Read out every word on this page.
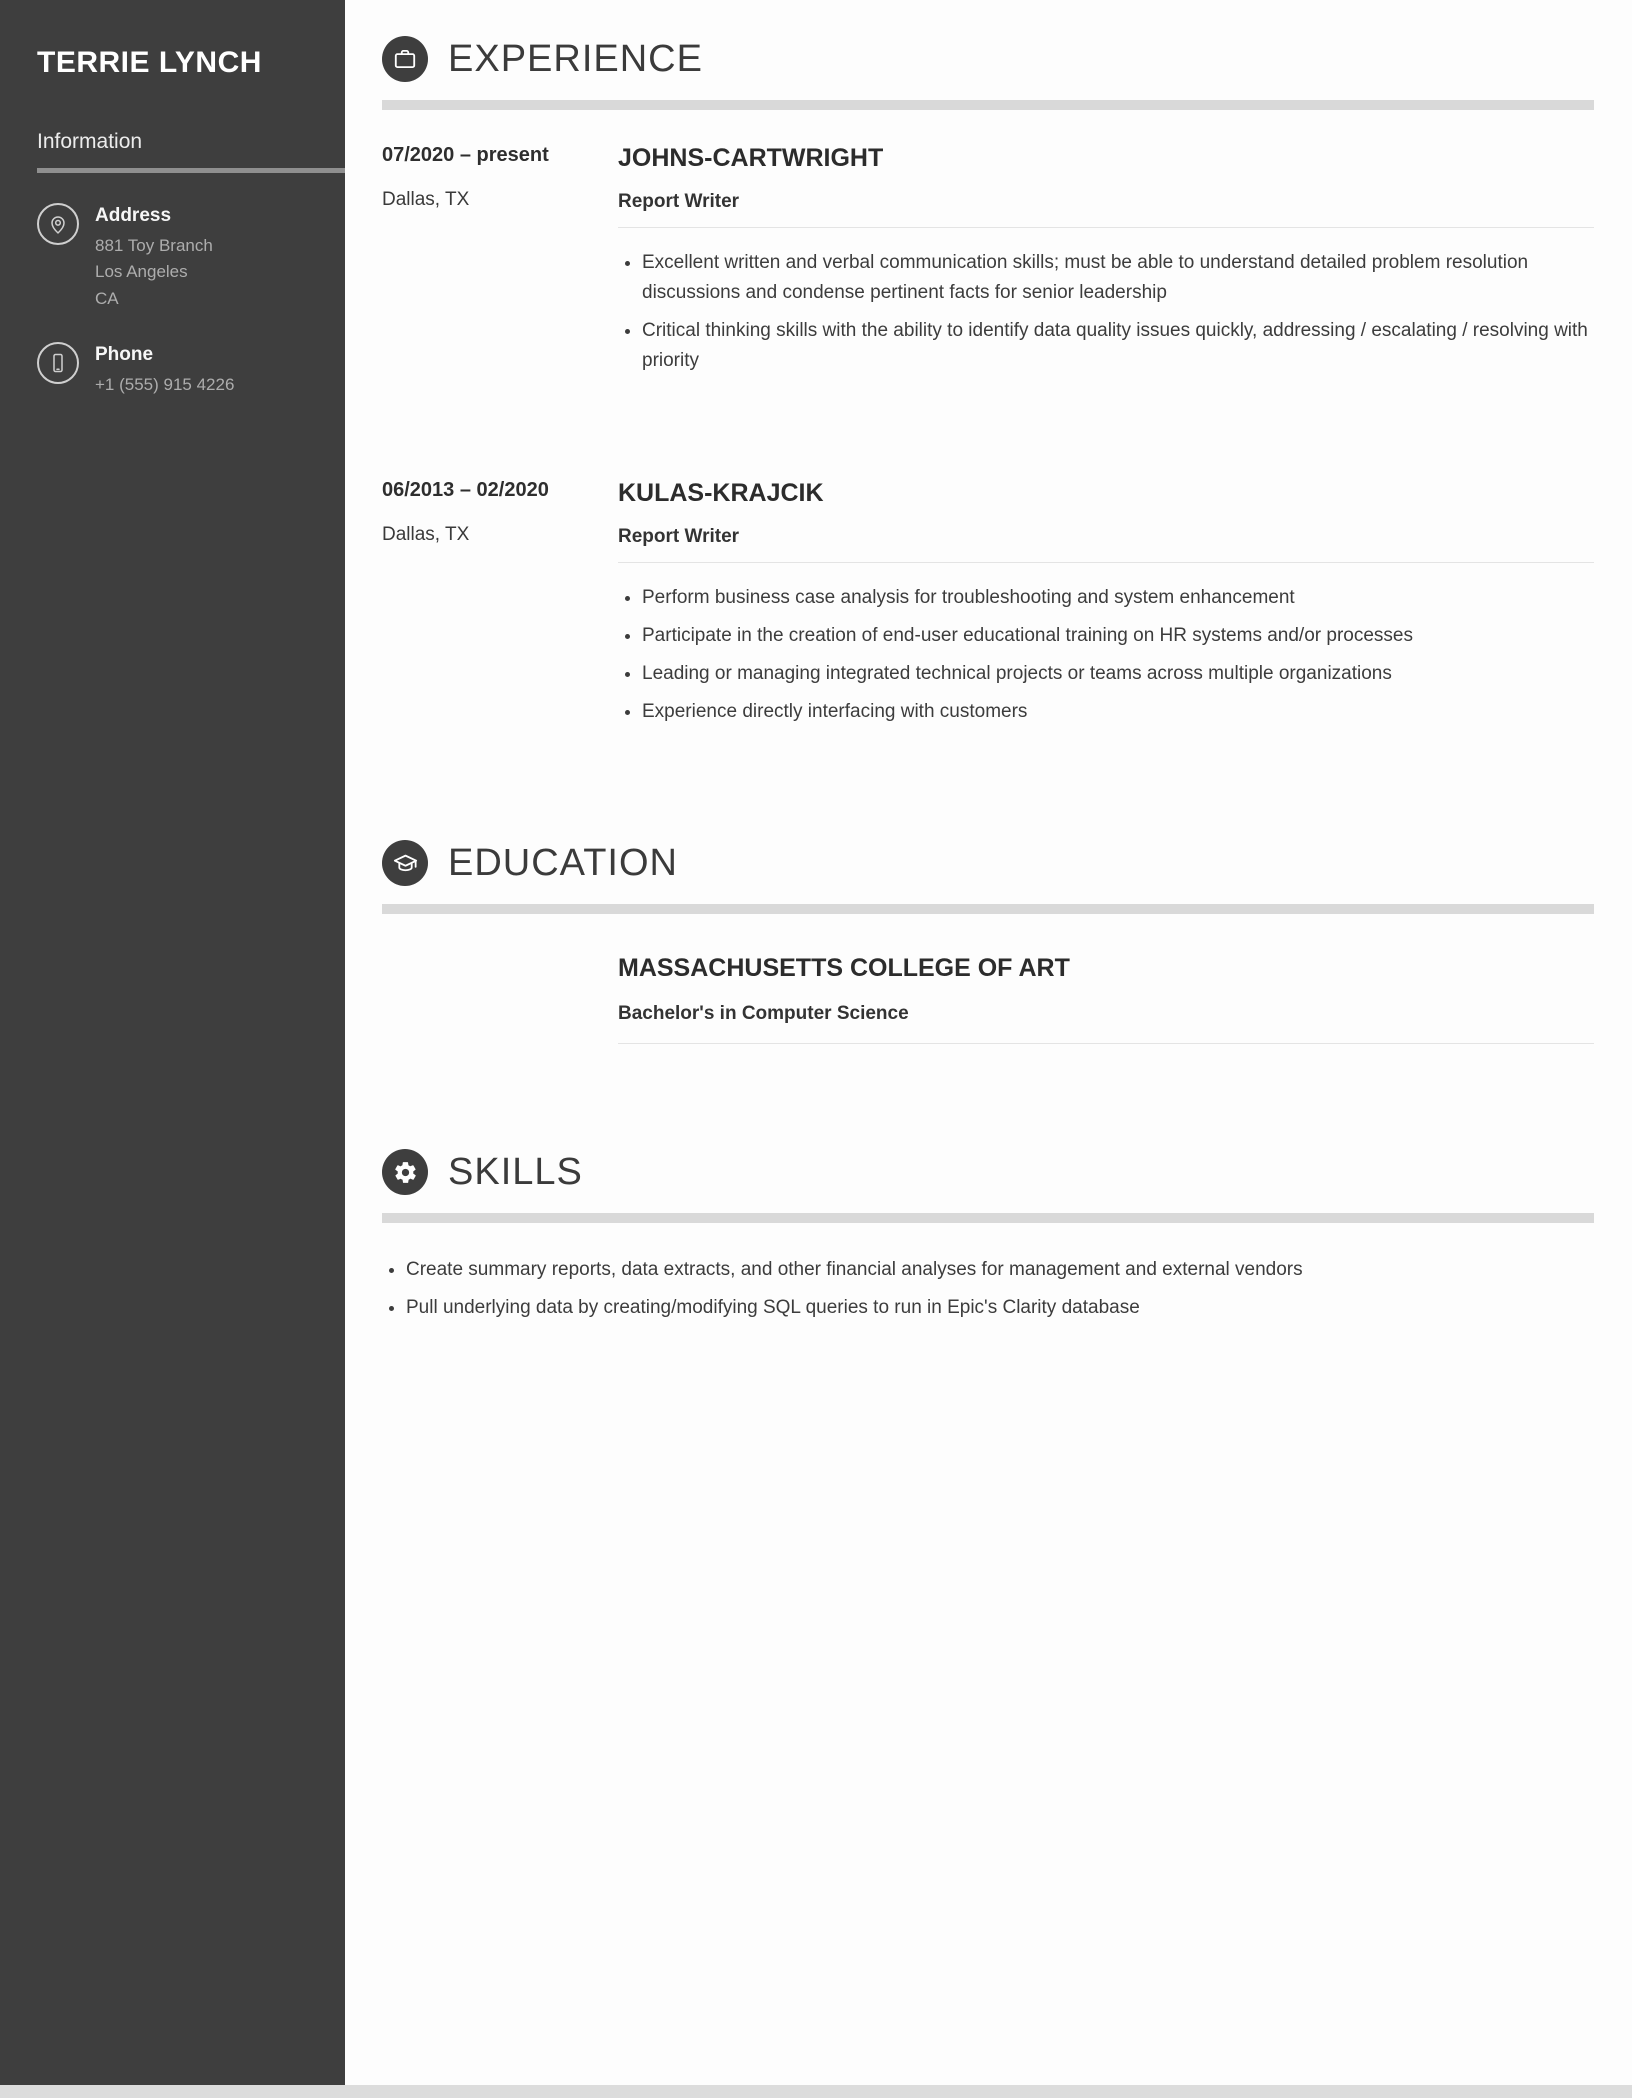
TERRIE LYNCH
Information
Address
881 Toy Branch
Los Angeles
CA
Phone
+1 (555) 915 4226
EXPERIENCE
07/2020 – present
Dallas, TX
JOHNS-CARTWRIGHT
Report Writer
• Excellent written and verbal communication skills; must be able to understand detailed problem resolution discussions and condense pertinent facts for senior leadership
• Critical thinking skills with the ability to identify data quality issues quickly, addressing / escalating / resolving with priority
06/2013 – 02/2020
Dallas, TX
KULAS-KRAJCIK
Report Writer
• Perform business case analysis for troubleshooting and system enhancement
• Participate in the creation of end-user educational training on HR systems and/or processes
• Leading or managing integrated technical projects or teams across multiple organizations
• Experience directly interfacing with customers
EDUCATION
MASSACHUSETTS COLLEGE OF ART
Bachelor's in Computer Science
SKILLS
• Create summary reports, data extracts, and other financial analyses for management and external vendors
• Pull underlying data by creating/modifying SQL queries to run in Epic's Clarity database
